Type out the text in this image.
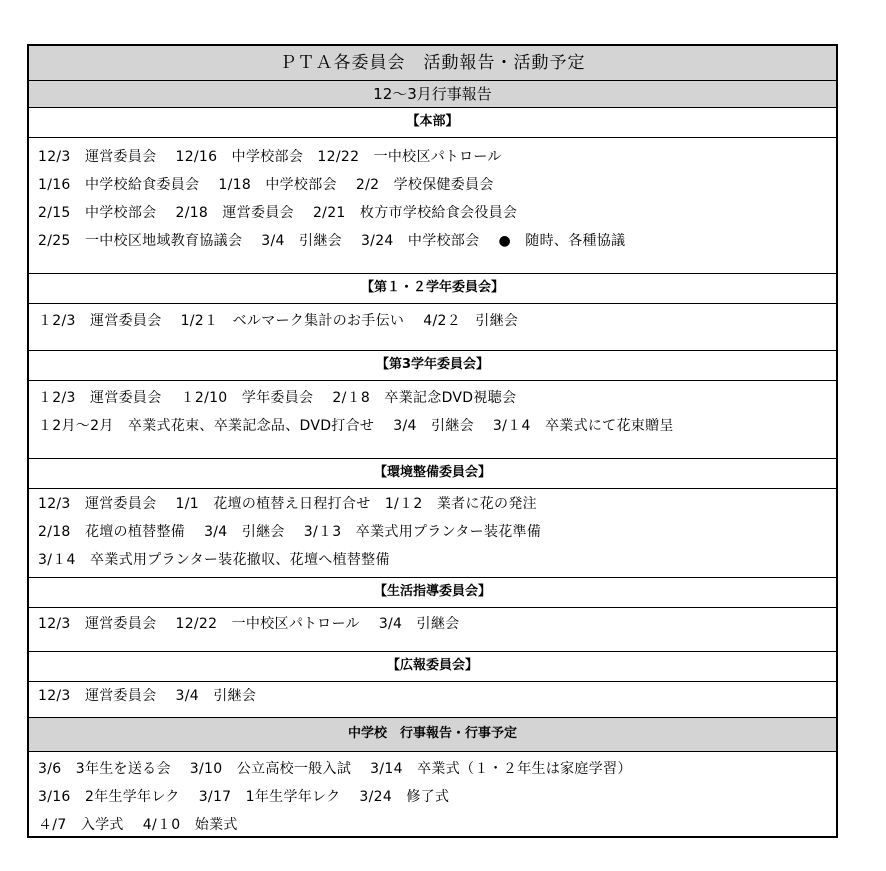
ＰＴＡ各委員会　活動報告・活動予定
12～3月行事報告
【本部】
12/3　運営委員会　 12/16　中学校部会　12/22　一中校区パトロール
1/16　中学校給食委員会　 1/18　中学校部会　 2/2　学校保健委員会
2/15　中学校部会　 2/18　運営委員会　 2/21　枚方市学校給食会役員会
2/25　一中校区地域教育協議会　 3/4　引継会　 3/24　中学校部会　 ●　随時、各種協議
【第１・２学年委員会】
１2/3　運営委員会　 1/2１　ベルマーク集計のお手伝い　 4/2２　引継会
【第3学年委員会】
１2/3　運営委員会　 １2/10　学年委員会　 2/１8　卒業記念DVD視聴会
１2月～2月　卒業式花束、卒業記念品、DVD打合せ　 3/4　引継会　 3/１4　卒業式にて花束贈呈
【環境整備委員会】
12/3　運営委員会　 1/1　花壇の植替え日程打合せ　1/１2　業者に花の発注
2/18　花壇の植替整備　 3/4　引継会　 3/１3　卒業式用プランター装花準備
3/１4　卒業式用プランター装花撤収、花壇へ植替整備
【生活指導委員会】
12/3　運営委員会　 12/22　一中校区パトロール　 3/4　引継会
【広報委員会】
12/3　運営委員会　 3/4　引継会
中学校　行事報告・行事予定
3/6　3年生を送る会　 3/10　公立高校一般入試　 3/14　卒業式（１・２年生は家庭学習）
3/16　2年生学年レク　 3/17　1年生学年レク　 3/24　修了式
４/7　入学式　 4/１0　始業式
